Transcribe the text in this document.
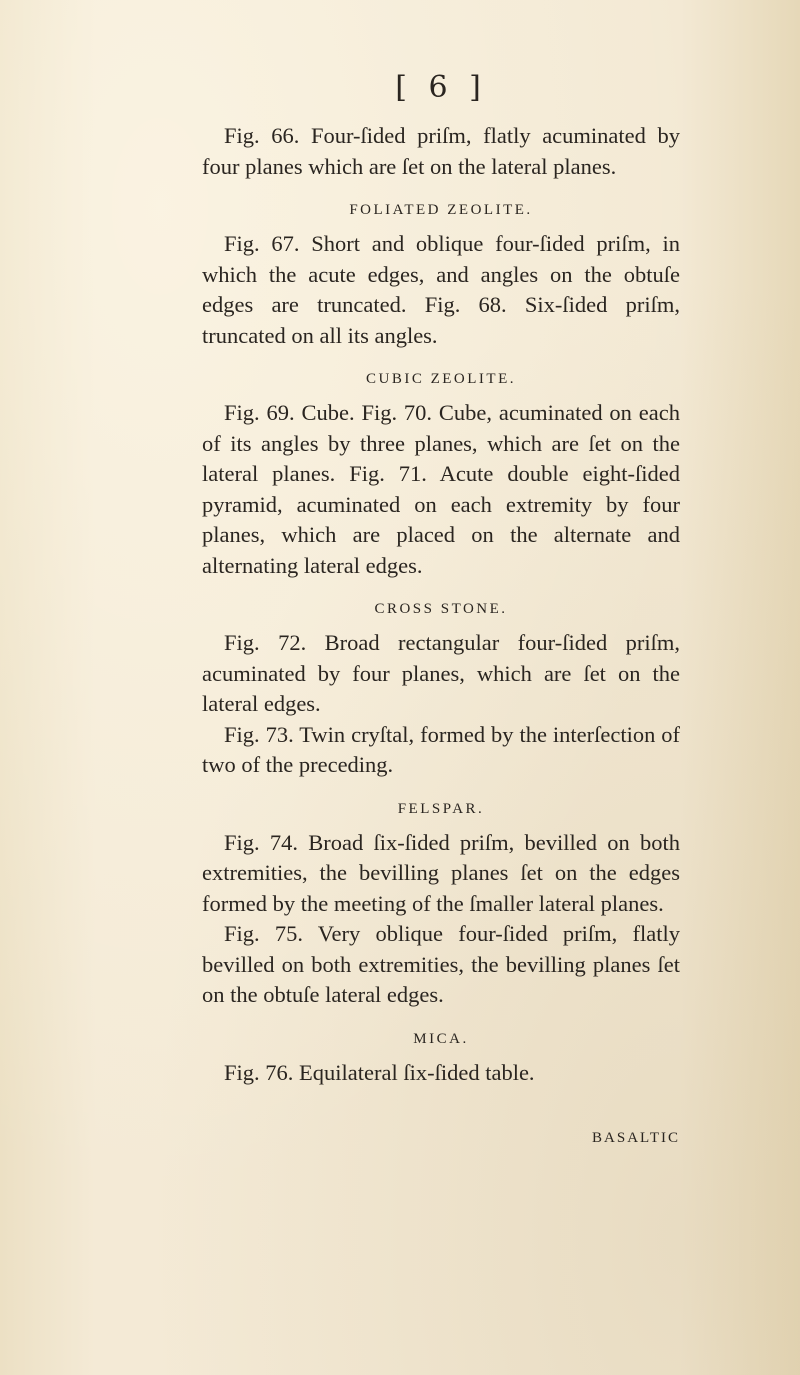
[ 6 ]

Fig. 66. Four-ſided priſm, flatly acuminated by four planes which are ſet on the lateral planes.

FOLIATED ZEOLITE.

Fig. 67. Short and oblique four-ſided priſm, in which the acute edges, and angles on the obtuſe edges are truncated. Fig. 68. Six-ſided priſm, truncated on all its angles.

CUBIC ZEOLITE.

Fig. 69. Cube. Fig. 70. Cube, acuminated on each of its angles by three planes, which are ſet on the lateral planes. Fig. 71. Acute double eight-ſided pyramid, acuminated on each extremity by four planes, which are placed on the alternate and alternating lateral edges.

CROSS STONE.

Fig. 72. Broad rectangular four-ſided priſm, acuminated by four planes, which are ſet on the lateral edges.

Fig. 73. Twin cryſtal, formed by the interſection of two of the preceding.

FELSPAR.

Fig. 74. Broad ſix-ſided priſm, bevilled on both extremities, the bevilling planes ſet on the edges formed by the meeting of the ſmaller lateral planes.

Fig. 75. Very oblique four-ſided priſm, flatly bevilled on both extremities, the bevilling planes ſet on the obtuſe lateral edges.

MICA.

Fig. 76. Equilateral ſix-ſided table.

BASALTIC
